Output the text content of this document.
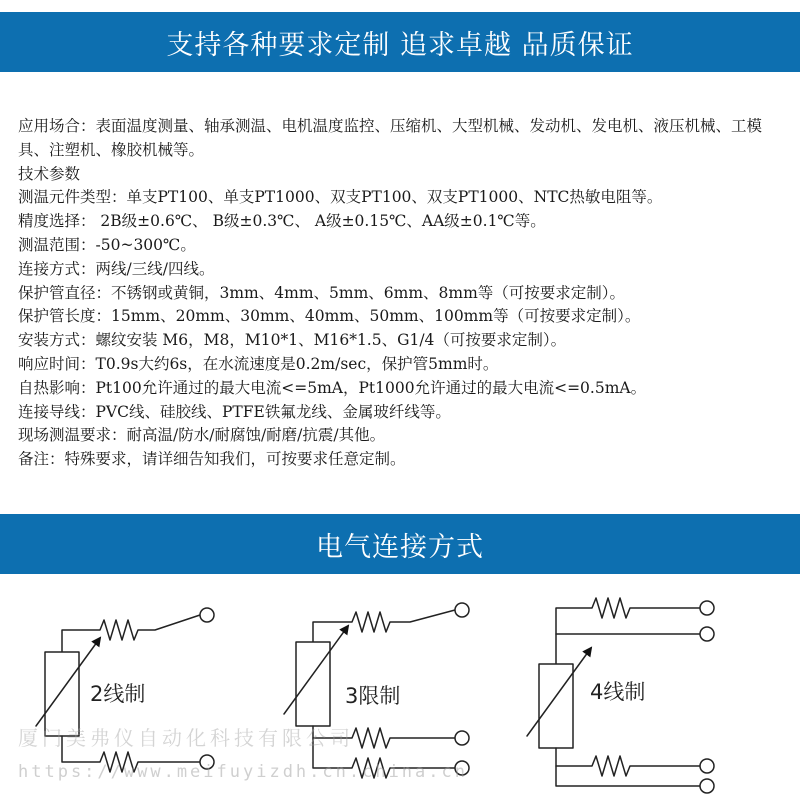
支持各种要求定制 追求卓越 品质保证
应用场合：表面温度测量、轴承测温、电机温度监控、压缩机、大型机械、发动机、发电机、液压机械、工模具、注塑机、橡胶机械等。
技术参数
测温元件类型：单支PT100、单支PT1000、双支PT100、双支PT1000、NTC热敏电阻等。
精度选择： 2B级±0.6℃、 B级±0.3℃、 A级±0.15℃、AA级±0.1℃等。
测温范围：-50~300℃。
连接方式：两线/三线/四线。
保护管直径：不锈钢或黄铜，3mm、4mm、5mm、6mm、8mm等（可按要求定制）。
保护管长度：15mm、20mm、30mm、40mm、50mm、100mm等（可按要求定制）。
安装方式：螺纹安装 M6，M8，M10*1、M16*1.5、G1/4（可按要求定制）。
响应时间：T0.9s大约6s，在水流速度是0.2m/sec，保护管5mm时。
自热影响：Pt100允许通过的最大电流<=5mA，Pt1000允许通过的最大电流<=0.5mA。
连接导线：PVC线、硅胶线、PTFE铁氟龙线、金属玻纤线等。
现场测温要求：耐高温/防水/耐腐蚀/耐磨/抗震/其他。
备注：特殊要求，请详细告知我们，可按要求任意定制。
电气连接方式
2线制	3限制	4线制
厦门美弗仪自动化科技有限公司
https://www.meifuyizdh.cn.china.cn
